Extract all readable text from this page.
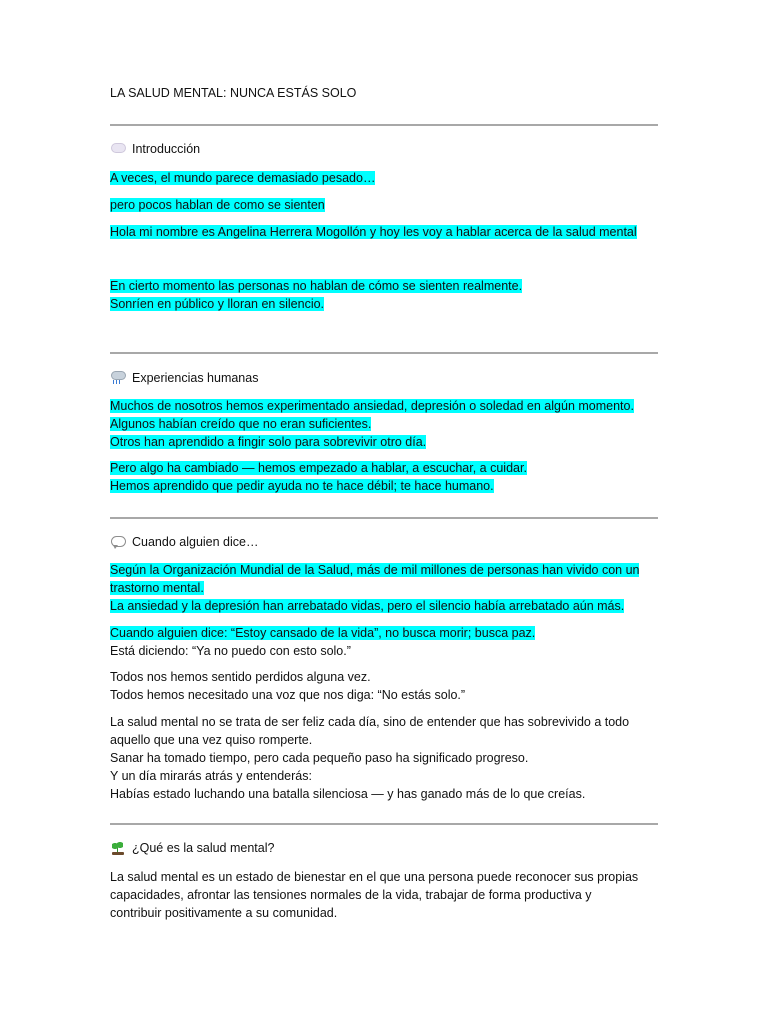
LA SALUD MENTAL: NUNCA ESTÁS SOLO
Introducción
A veces, el mundo parece demasiado pesado…
pero pocos hablan de como se sienten
Hola mi nombre es Angelina Herrera Mogollón y hoy les voy a hablar acerca de la salud mental
En cierto momento las personas no hablan de cómo se sienten realmente.
Sonríen en público y lloran en silencio.
Experiencias humanas
Muchos de nosotros hemos experimentado ansiedad, depresión o soledad en algún momento.
Algunos habían creído que no eran suficientes.
Otros han aprendido a fingir solo para sobrevivir otro día.
Pero algo ha cambiado — hemos empezado a hablar, a escuchar, a cuidar.
Hemos aprendido que pedir ayuda no te hace débil; te hace humano.
Cuando alguien dice…
Según la Organización Mundial de la Salud, más de mil millones de personas han vivido con un
trastorno mental.
La ansiedad y la depresión han arrebatado vidas, pero el silencio había arrebatado aún más.
Cuando alguien dice: “Estoy cansado de la vida”, no busca morir; busca paz.
Está diciendo: “Ya no puedo con esto solo.”
Todos nos hemos sentido perdidos alguna vez.
Todos hemos necesitado una voz que nos diga: “No estás solo.”
La salud mental no se trata de ser feliz cada día, sino de entender que has sobrevivido a todo
aquello que una vez quiso romperte.
Sanar ha tomado tiempo, pero cada pequeño paso ha significado progreso.
Y un día mirarás atrás y entenderás:
Habías estado luchando una batalla silenciosa — y has ganado más de lo que creías.
¿Qué es la salud mental?
La salud mental es un estado de bienestar en el que una persona puede reconocer sus propias
capacidades, afrontar las tensiones normales de la vida, trabajar de forma productiva y
contribuir positivamente a su comunidad.
